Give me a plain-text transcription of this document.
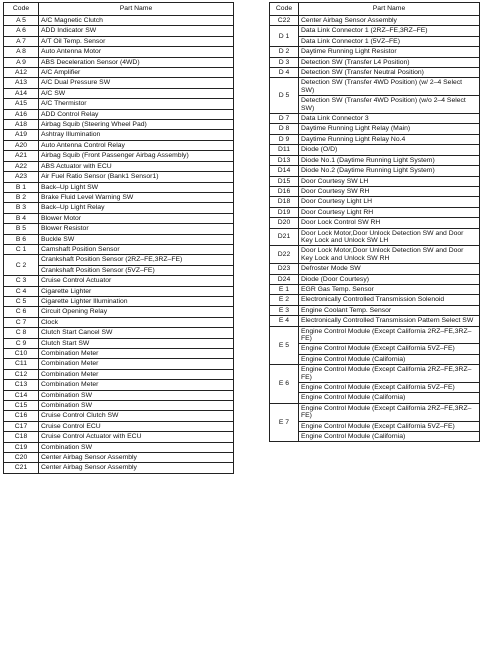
Code	Part Name
A 5	A/C Magnetic Clutch
A 6	ADD Indicator SW
A 7	A/T Oil Temp. Sensor
A 8	Auto Antenna Motor
A 9	ABS Deceleration Sensor (4WD)
A12	A/C Amplifier
A13	A/C Dual Pressure SW
A14	A/C SW
A15	A/C Thermistor
A16	ADD Control Relay
A18	Airbag Squib (Steering Wheel Pad)
A19	Ashtray Illumination
A20	Auto Antenna Control Relay
A21	Airbag Squib (Front Passenger Airbag Assembly)
A22	ABS Actuator with ECU
A23	Air Fuel Ratio Sensor (Bank1 Sensor1)
B 1	Back–Up Light SW
B 2	Brake Fluid Level Warning SW
B 3	Back–Up Light Relay
B 4	Blower Motor
B 5	Blower Resistor
B 6	Buckle SW
C 1	Camshaft Position Sensor
C 2	Crankshaft Position Sensor (2RZ–FE,3RZ–FE)
	Crankshaft Position Sensor (5VZ–FE)
C 3	Cruise Control Actuator
C 4	Cigarette Lighter
C 5	Cigarette Lighter Illumination
C 6	Circuit Opening Relay
C 7	Clock
C 8	Clutch Start Cancel SW
C 9	Clutch Start SW
C10	Combination Meter
C11	Combination Meter
C12	Combination Meter
C13	Combination Meter
C14	Combination SW
C15	Combination SW
C16	Cruise Control Clutch SW
C17	Cruise Control ECU
C18	Cruise Control Actuator with ECU
C19	Combination SW
C20	Center Airbag Sensor Assembly
C21	Center Airbag Sensor Assembly
Code	Part Name
C22	Center Airbag Sensor Assembly
D 1	Data Link Connector 1 (2RZ–FE,3RZ–FE)
	Data Link Connector 1 (5VZ–FE)
D 2	Daytime Running Light Resistor
D 3	Detection SW (Transfer L4 Position)
D 4	Detection SW (Transfer Neutral Position)
D 5	Detection SW (Transfer 4WD Position) (w/ 2–4 Select SW)
	Detection SW (Transfer 4WD Position) (w/o 2–4 Select SW)
D 7	Data Link Connector 3
D 8	Daytime Running Light Relay (Main)
D 9	Daytime Running Light Relay No.4
D11	Diode (O/D)
D13	Diode No.1 (Daytime Running Light System)
D14	Diode No.2 (Daytime Running Light System)
D15	Door Courtesy SW LH
D16	Door Courtesy SW RH
D18	Door Courtesy Light LH
D19	Door Courtesy Light RH
D20	Door Lock Control SW RH
D21	Door Lock Motor,Door Unlock Detection SW and Door Key Lock and Unlock SW LH
D22	Door Lock Motor,Door Unlock Detection SW and Door Key Lock and Unlock SW RH
D23	Defroster Mode SW
D24	Diode (Door Courtesy)
E 1	EGR Gas Temp. Sensor
E 2	Electronically Controlled Transmission Solenoid
E 3	Engine Coolant Temp. Sensor
E 4	Electronically Controlled Transmission Pattern Select SW
E 5	Engine Control Module (Except California 2RZ–FE,3RZ–FE)
	Engine Control Module (Except California 5VZ–FE)
	Engine Control Module (California)
E 6	Engine Control Module (Except California 2RZ–FE,3RZ–FE)
	Engine Control Module (Except California 5VZ–FE)
	Engine Control Module (California)
E 7	Engine Control Module (Except California 2RZ–FE,3RZ–FE)
	Engine Control Module (Except California 5VZ–FE)
	Engine Control Module (California)
